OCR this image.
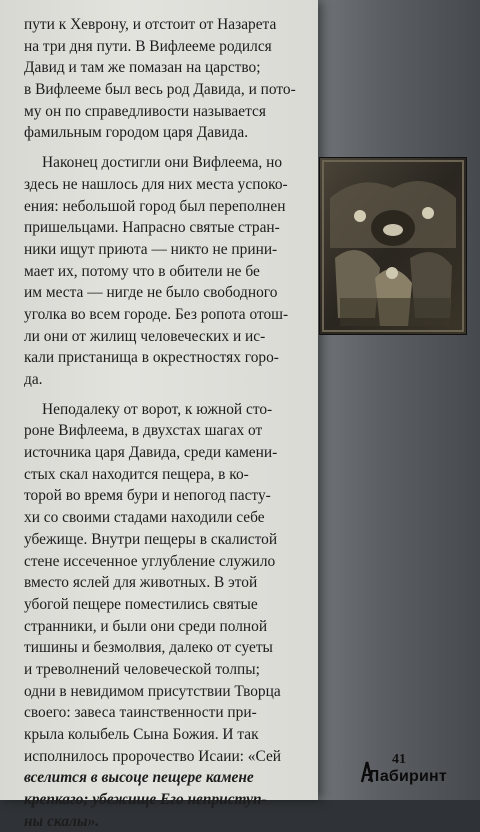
пути к Хеврону, и отстоит от Назарета
на три дня пути. В Вифлееме родился
Давид и там же помазан на царство;
в Вифлееме был весь род Давида, и пото-
му он по справедливости называется
фамильным городом царя Давида.
Наконец достигли они Вифлеема, но
здесь не нашлось для них места успоко-
ения: небольшой город был переполнен
пришельцами. Напрасно святые стран-
ники ищут приюта — никто не прини-
мает их, потому что в обители не бе
им места — нигде не было свободного
уголка во всем городе. Без ропота отош-
ли они от жилищ человеческих и ис-
кали пристанища в окрестностях горо-
да.
Неподалеку от ворот, к южной сто-
роне Вифлеема, в двухстах шагах от
источника царя Давида, среди камени-
стых скал находится пещера, в ко-
торой во время бури и непогод пасту-
хи со своими стадами находили себе
убежище. Внутри пещеры в скалистой
стене иссеченное углубление служило
вместо яслей для животных. В этой
убогой пещере поместились святые
странники, и были они среди полной
тишины и безмолвия, далеко от суеты
и треволнений человеческой толпы;
одни в невидимом присутствии Творца
своего: завеса таинственности при-
крыла колыбель Сына Божия. И так
исполнилось пророчество Исаии: «Сей
вселится в высоце пещере камене
крепкаго; убежище Его неприступ-
ны скалы».
41
Лабиринт
